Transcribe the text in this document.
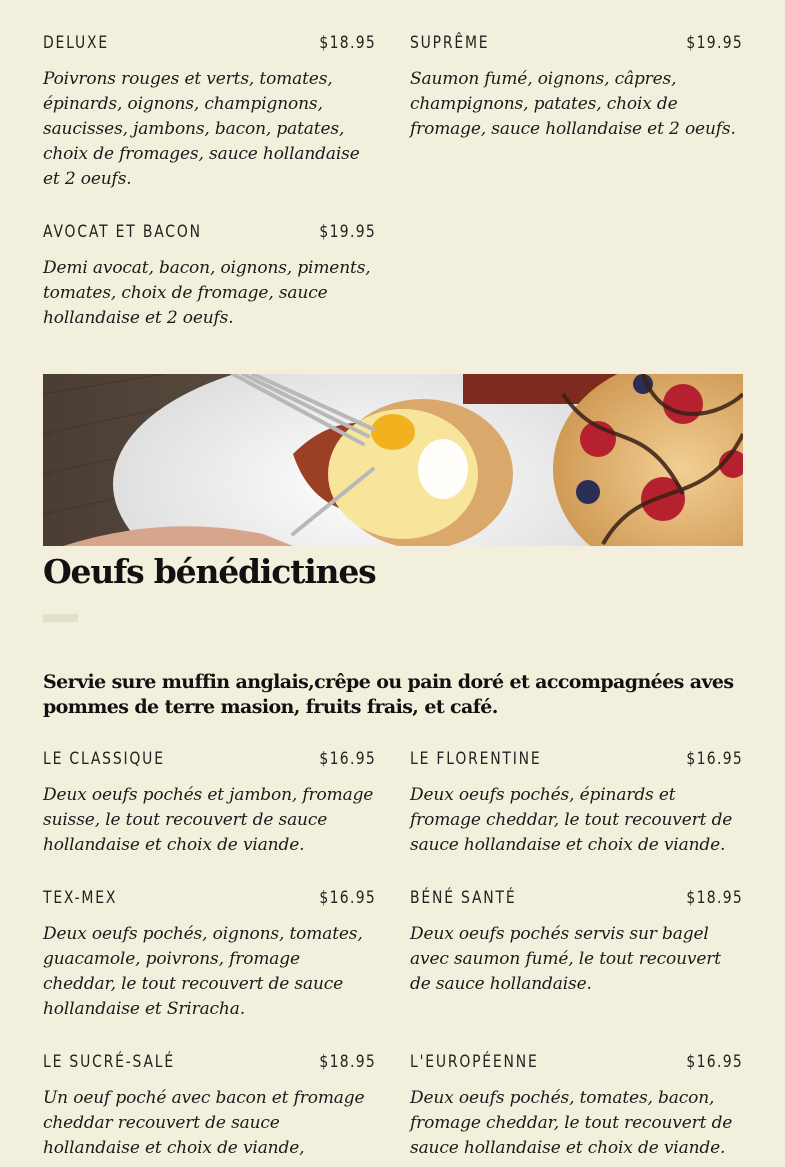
DELUXE	$18.95
Poivrons rouges et verts, tomates, épinards, oignons, champignons, saucisses, jambons, bacon, patates, choix de fromages, sauce hollandaise et 2 oeufs.
SUPRÊME	$19.95
Saumon fumé, oignons, câpres, champignons, patates, choix de fromage, sauce hollandaise et 2 oeufs.
AVOCAT ET BACON	$19.95
Demi avocat, bacon, oignons, piments, tomates, choix de fromage, sauce hollandaise et 2 oeufs.
Oeufs bénédictines

Servie sure muffin anglais,crêpe ou pain doré et accompagnées aves pommes de terre masion, fruits frais, et café.

LE CLASSIQUE	$16.95
Deux oeufs pochés et jambon, fromage suisse, le tout recouvert de sauce hollandaise et choix de viande.
LE FLORENTINE	$16.95
Deux oeufs pochés, épinards et fromage cheddar, le tout recouvert de sauce hollandaise et choix de viande.
TEX-MEX	$16.95
Deux oeufs pochés, oignons, tomates, guacamole, poivrons, fromage cheddar, le tout recouvert de sauce hollandaise et Sriracha.
BÉNÉ SANTÉ	$18.95
Deux oeufs pochés servis sur bagel avec saumon fumé, le tout recouvert de sauce hollandaise.
LE SUCRÉ-SALÉ	$18.95
Un oeuf poché avec bacon et fromage cheddar recouvert de sauce hollandaise et choix de viande,
L'EUROPÉENNE	$16.95
Deux oeufs pochés, tomates, bacon, fromage cheddar, le tout recouvert de sauce hollandaise et choix de viande.
